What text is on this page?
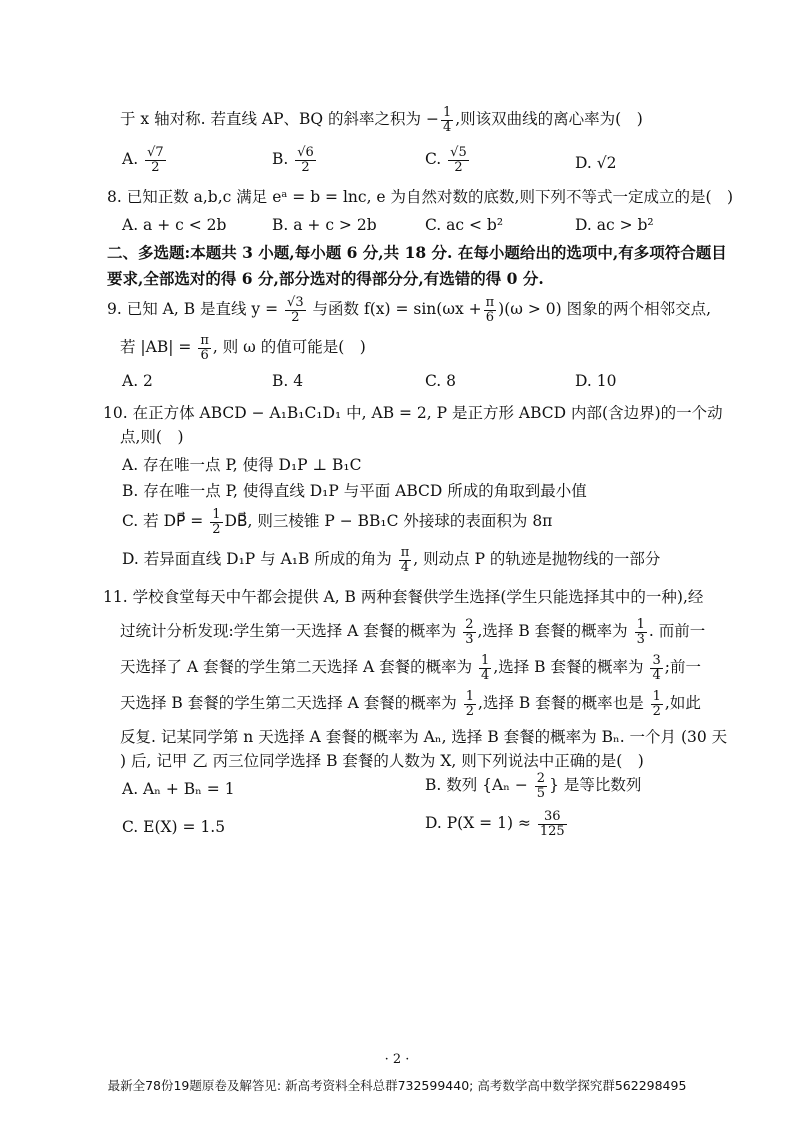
于 x 轴对称. 若直线 AP、BQ 的斜率之积为 − $\frac{1}{4}$ ,则该双曲线的离心率为(　)
A. $\frac{√7}{2}$	B. $\frac{√6}{2}$	C. $\frac{√5}{2}$	D. √2
8. 已知正数 a,b,c 满足 eᵃ = b = lnc, e 为自然对数的底数,则下列不等式一定成立的是(　)
A. a + c < 2b	B. a + c > 2b	C. ac < b²	D. ac > b²
二、多选题:本题共 3 小题,每小题 6 分,共 18 分. 在每小题给出的选项中,有多项符合题目
要求,全部选对的得 6 分,部分选对的得部分分,有选错的得 0 分.
9. 已知 A, B 是直线 $y = \frac{√3}{2}$ 与函数 $f(x) = \sin(\omega x + \frac{\pi}{6} )(\omega > 0)$ 图象的两个相邻交点,
若 $|AB| = \frac{\pi}{6}$ , 则 ω 的值可能是(　)
A. 2	B. 4	C. 8	D. 10
10. 在正方体 ABCD − A₁B₁C₁D₁ 中, AB = 2, P 是正方形 ABCD 内部(含边界)的一个动
点,则(　)
A. 存在唯一点 P, 使得 D₁P ⊥ B₁C
B. 存在唯一点 P, 使得直线 D₁P 与平面 ABCD 所成的角取到最小值
C. 若 DP⃗ = $\frac{1}{2}$ DB⃗, 则三棱锥 P − BB₁C 外接球的表面积为 8π
D. 若异面直线 D₁P 与 A₁B 所成的角为 $\frac{\pi}{4}$ , 则动点 P 的轨迹是抛物线的一部分
11. 学校食堂每天中午都会提供 A, B 两种套餐供学生选择(学生只能选择其中的一种),经
过统计分析发现:学生第一天选择 A 套餐的概率为 $\frac{2}{3}$ ,选择 B 套餐的概率为 $\frac{1}{3}$ . 而前一
天选择了 A 套餐的学生第二天选择 A 套餐的概率为 $\frac{1}{4}$ ,选择 B 套餐的概率为 $\frac{3}{4}$ ;前一
天选择 B 套餐的学生第二天选择 A 套餐的概率为 $\frac{1}{2}$ ,选择 B 套餐的概率也是 $\frac{1}{2}$ ,如此
反复. 记某同学第 n 天选择 A 套餐的概率为 Aₙ, 选择 B 套餐的概率为 Bₙ. 一个月 (30 天
) 后, 记甲 乙 丙三位同学选择 B 套餐的人数为 X, 则下列说法中正确的是(　)
A. Aₙ + Bₙ = 1	B. 数列 {$A_n - \frac{2}{5}$ } 是等比数列
C. E(X) = 1.5	D. $P(X = 1) \approx \frac{36}{125}$
· 2 ·
最新全78份19题原卷及解答见: 新高考资料全科总群732599440; 高考数学高中数学探究群562298495
